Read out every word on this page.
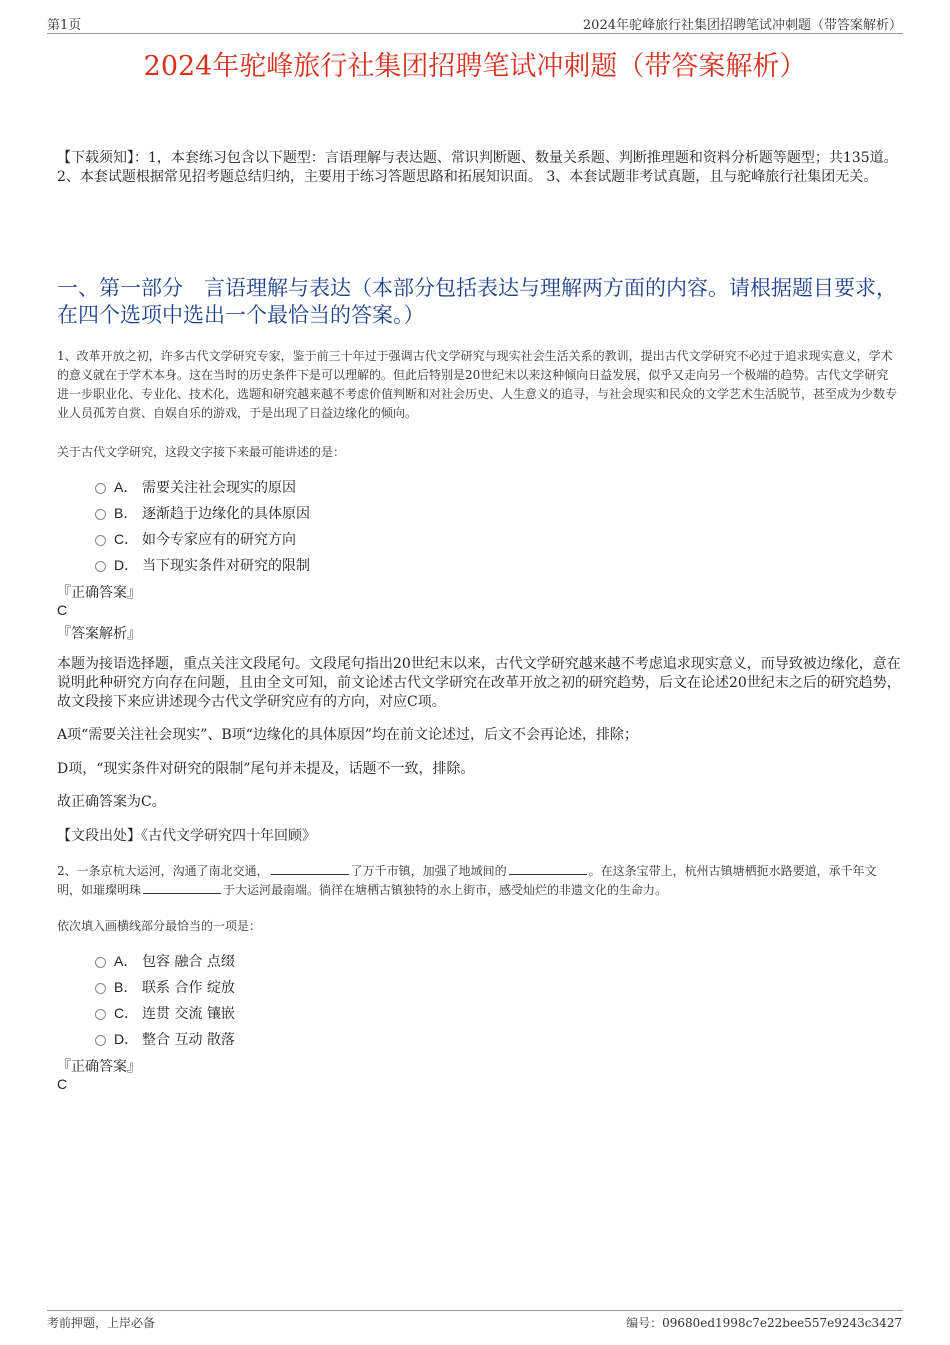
第1页	2024年驼峰旅行社集团招聘笔试冲刺题（带答案解析）
2024年驼峰旅行社集团招聘笔试冲刺题（带答案解析）
【下载须知】：1，本套练习包含以下题型：言语理解与表达题、常识判断题、数量关系题、判断推理题和资料分析题等题型；共135道。 2、本套试题根据常见招考题总结归纳，主要用于练习答题思路和拓展知识面。 3、本套试题非考试真题，且与驼峰旅行社集团无关。
一、第一部分　言语理解与表达（本部分包括表达与理解两方面的内容。请根据题目要求，在四个选项中选出一个最恰当的答案。）
1、改革开放之初，许多古代文学研究专家，鉴于前三十年过于强调古代文学研究与现实社会生活关系的教训，提出古代文学研究不必过于追求现实意义，学术的意义就在于学术本身。这在当时的历史条件下是可以理解的。但此后特别是20世纪末以来这种倾向日益发展，似乎又走向另一个极端的趋势。古代文学研究进一步职业化、专业化、技术化，选题和研究越来越不考虑价值判断和对社会历史、人生意义的追寻，与社会现实和民众的文学艺术生活脱节，甚至成为少数专业人员孤芳自赏、自娱自乐的游戏，于是出现了日益边缘化的倾向。
关于古代文学研究，这段文字接下来最可能讲述的是：
A． 需要关注社会现实的原因
B． 逐渐趋于边缘化的具体原因
C． 如今专家应有的研究方向
D． 当下现实条件对研究的限制
『正确答案』
C
『答案解析』
本题为接语选择题，重点关注文段尾句。文段尾句指出20世纪末以来，古代文学研究越来越不考虑追求现实意义，而导致被边缘化，意在说明此种研究方向存在问题，且由全文可知，前文论述古代文学研究在改革开放之初的研究趋势，后文在论述20世纪末之后的研究趋势，故文段接下来应讲述现今古代文学研究应有的方向，对应C项。
A项“需要关注社会现实”、B项“边缘化的具体原因”均在前文论述过，后文不会再论述，排除；
D项，“现实条件对研究的限制”尾句并未提及，话题不一致，排除。
故正确答案为C。
【文段出处】《古代文学研究四十年回顾》
2、一条京杭大运河，沟通了南北交通，	了万千市镇，加强了地域间的	。在这条宝带上，杭州古镇塘栖扼水路要道，承千年文明，如璀璨明珠	于大运河最南端。徜徉在塘栖古镇独特的水上街市，感受灿烂的非遗文化的生命力。
依次填入画横线部分最恰当的一项是：
A． 包容 融合 点缀
B． 联系 合作 绽放
C． 连贯 交流 镶嵌
D． 整合 互动 散落
『正确答案』
C
考前押题，上岸必备	编号：09680ed1998c7e22bee557e9243c3427
